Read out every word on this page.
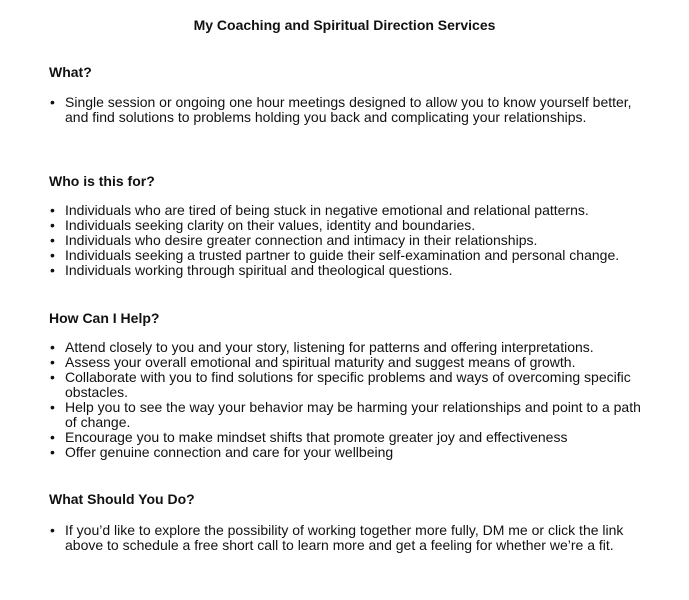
My Coaching and Spiritual Direction Services
What?
• Single session or ongoing one hour meetings designed to allow you to know yourself better, and find solutions to problems holding you back and complicating your relationships.
Who is this for?
• Individuals who are tired of being stuck in negative emotional and relational patterns.
• Individuals seeking clarity on their values, identity and boundaries.
• Individuals who desire greater connection and intimacy in their relationships.
• Individuals seeking a trusted partner to guide their self-examination and personal change.
• Individuals working through spiritual and theological questions.
How Can I Help?
• Attend closely to you and your story, listening for patterns and offering interpretations.
• Assess your overall emotional and spiritual maturity and suggest means of growth.
• Collaborate with you to find solutions for specific problems and ways of overcoming specific obstacles.
• Help you to see the way your behavior may be harming your relationships and point to a path of change.
• Encourage you to make mindset shifts that promote greater joy and effectiveness
• Offer genuine connection and care for your wellbeing
What Should You Do?
• If you’d like to explore the possibility of working together more fully, DM me or click the link above to schedule a free short call to learn more and get a feeling for whether we’re a fit.
